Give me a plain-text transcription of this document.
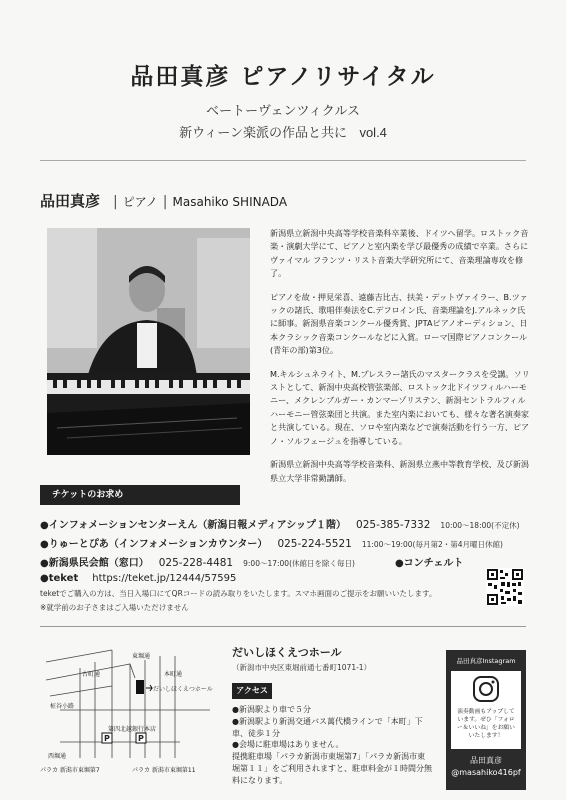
品田真彦 ピアノリサイタル
ベートーヴェンツィクルス
新ウィーン楽派の作品と共に vol.4
品田真彦 | ピアノ | Masahiko SHINADA

新潟県立新潟中央高等学校音楽科卒業後、ドイツへ留学。ロストック音楽・演劇大学にて、ピアノと室内楽を学び最優秀の成績で卒業。さらにヴァイマル フランツ・リスト音楽大学研究所にて、音楽理論専攻を修了。

ピアノを故・押見栄喜、遠藤吉比古、扶美・デットヴァイラー、B.ツァックの諸氏、歌唱伴奏法をC.デフロイン氏、音楽理論をJ.アルネック氏に師事。新潟県音楽コンクール優秀賞、JPTAピアノオーディション、日本クラシック音楽コンクールなどに入賞。ローマ国際ピアノコンクール(青年の部)第3位。

M.キルシュネライト、M.プレスラー諸氏のマスタークラスを受講。ソリストとして、新潟中央高校管弦楽部、ロストック北ドイツフィルハーモニー、メクレンブルガー・カンマーゾリステン、新潟セントラルフィルハーモニー管弦楽団と共演。また室内楽においても、様々な著名演奏家と共演している。現在、ソロや室内楽などで演奏活動を行う一方、ピアノ・ソルフェージュを指導している。

新潟県立新潟中央高等学校音楽科、新潟県立燕中等教育学校、及び新潟県立大学非常勤講師。

チケットのお求め
●インフォメーションセンターえん（新潟日報メディアシップ１階） 025-385-7332 10:00～18:00(不定休)
●りゅーとぴあ（インフォメーションカウンター） 025-224-5521 11:00～19:00(毎月第2・第4月曜日休館)
●新潟県民会館（窓口） 025-228-4481 9:00～17:00(休館日を除く毎日)	●コンチェルト
●teket https://teket.jp/12444/57595
teketでご購入の方は、当日入場口にてQRコードの読み取りをいたします。スマホ画面のご提示をお願いいたします。
※就学前のお子さまはご入場いただけません
だいしほくえつホール
第四北越銀行本店
P	P
柾谷小路
東堀通
古町通	本町通
西堀通
パラカ 新潟市東堀第7	パラカ 新潟市東堀第11
だいしほくえつホール
（新潟市中央区東堀前通七番町1071-1）
アクセス
●新潟駅より車で５分
●新潟駅より新潟交通バス萬代橋ラインで「本町」下車、徒歩１分
●会場に駐車場はありません。
提携駐車場「パラカ新潟市東堀第7」「パラカ新潟市東堀第１１」をご利用されますと、駐車料金が１時間分無料になります。
品田真彦Instagram
演奏動画もアップしています。ぜひ「フォロー＆いいね」をお願いいたします！
品田真彦
@masahiko416pf
